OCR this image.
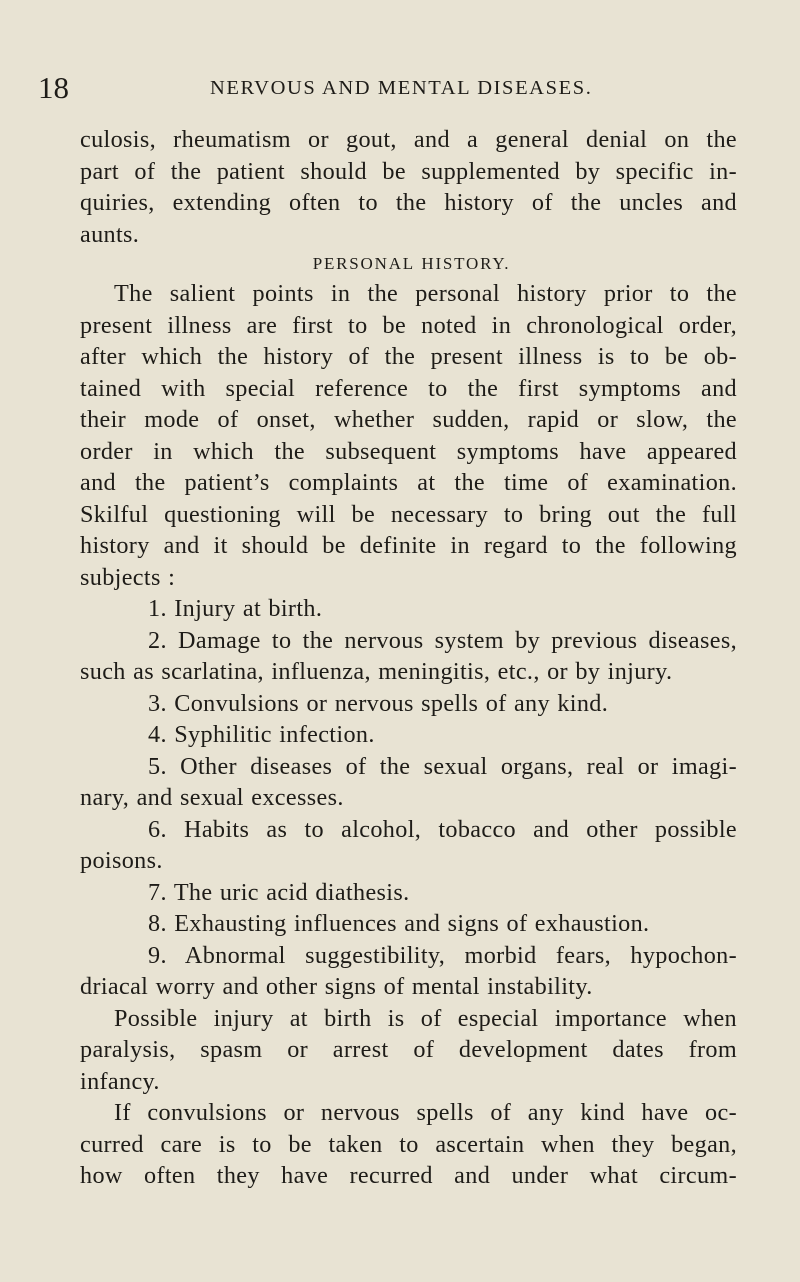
18	NERVOUS AND MENTAL DISEASES.

culosis, rheumatism or gout, and a general denial on the

part of the patient should be supplemented by specific in-

quiries, extending often to the history of the uncles and

aunts.

PERSONAL HISTORY.

The salient points in the personal history prior to the

present illness are first to be noted in chronological order,

after which the history of the present illness is to be ob-

tained with special reference to the first symptoms and

their mode of onset, whether sudden, rapid or slow, the

order in which the subsequent symptoms have appeared

and the patient’s complaints at the time of examination.

Skilful questioning will be necessary to bring out the full

history and it should be definite in regard to the following

subjects :

1. Injury at birth.

2. Damage to the nervous system by previous diseases,

such as scarlatina, influenza, meningitis, etc., or by injury.

3. Convulsions or nervous spells of any kind.

4. Syphilitic infection.

5. Other diseases of the sexual organs, real or imagi-

nary, and sexual excesses.

6. Habits as to alcohol, tobacco and other possible

poisons.

7. The uric acid diathesis.

8. Exhausting influences and signs of exhaustion.

9. Abnormal suggestibility, morbid fears, hypochon-

driacal worry and other signs of mental instability.

Possible injury at birth is of especial importance when

paralysis, spasm or arrest of development dates from

infancy.

If convulsions or nervous spells of any kind have oc-

curred care is to be taken to ascertain when they began,

how often they have recurred and under what circum-
